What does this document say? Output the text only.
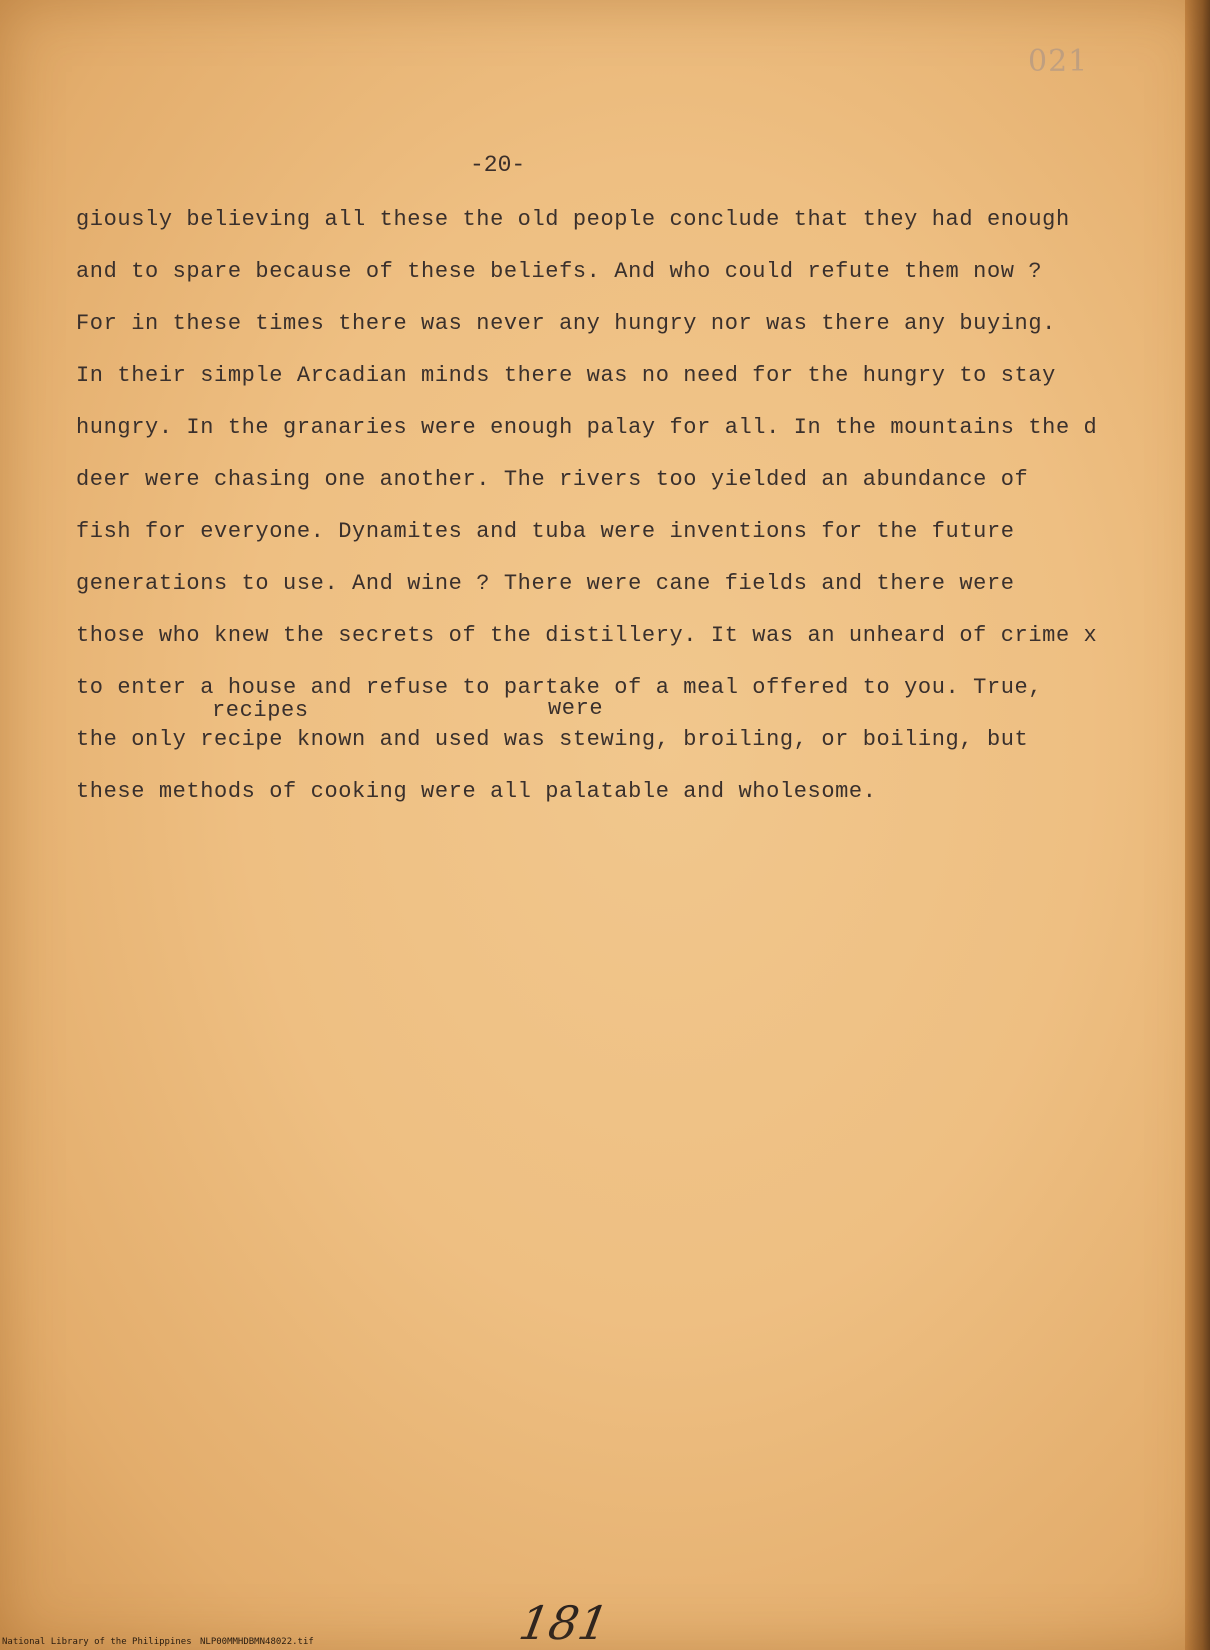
021
-20-
giously believing all these the old people conclude that they had enough
and to spare because of these beliefs. And who could refute them now ?
For in these times there was never any hungry nor was there any buying.
In their simple Arcadian minds there was no need for the hungry to stay
hungry. In the granaries were enough palay for all. In the mountains the d
deer were chasing one another. The rivers too yielded an abundance of
fish for everyone. Dynamites and tuba were inventions for the future
generations to use. And wine ? There were cane fields and there were
those who knew the secrets of the distillery. It was an unheard of crime x
to enter a house and refuse to partake of a meal offered to you. True,
the only recipe known and used was stewing, broiling, or boiling, but
these methods of cooking were all palatable and wholesome.
recipes	were
181
National Library of the Philippines NLP00MMHDBMN48022.tif
